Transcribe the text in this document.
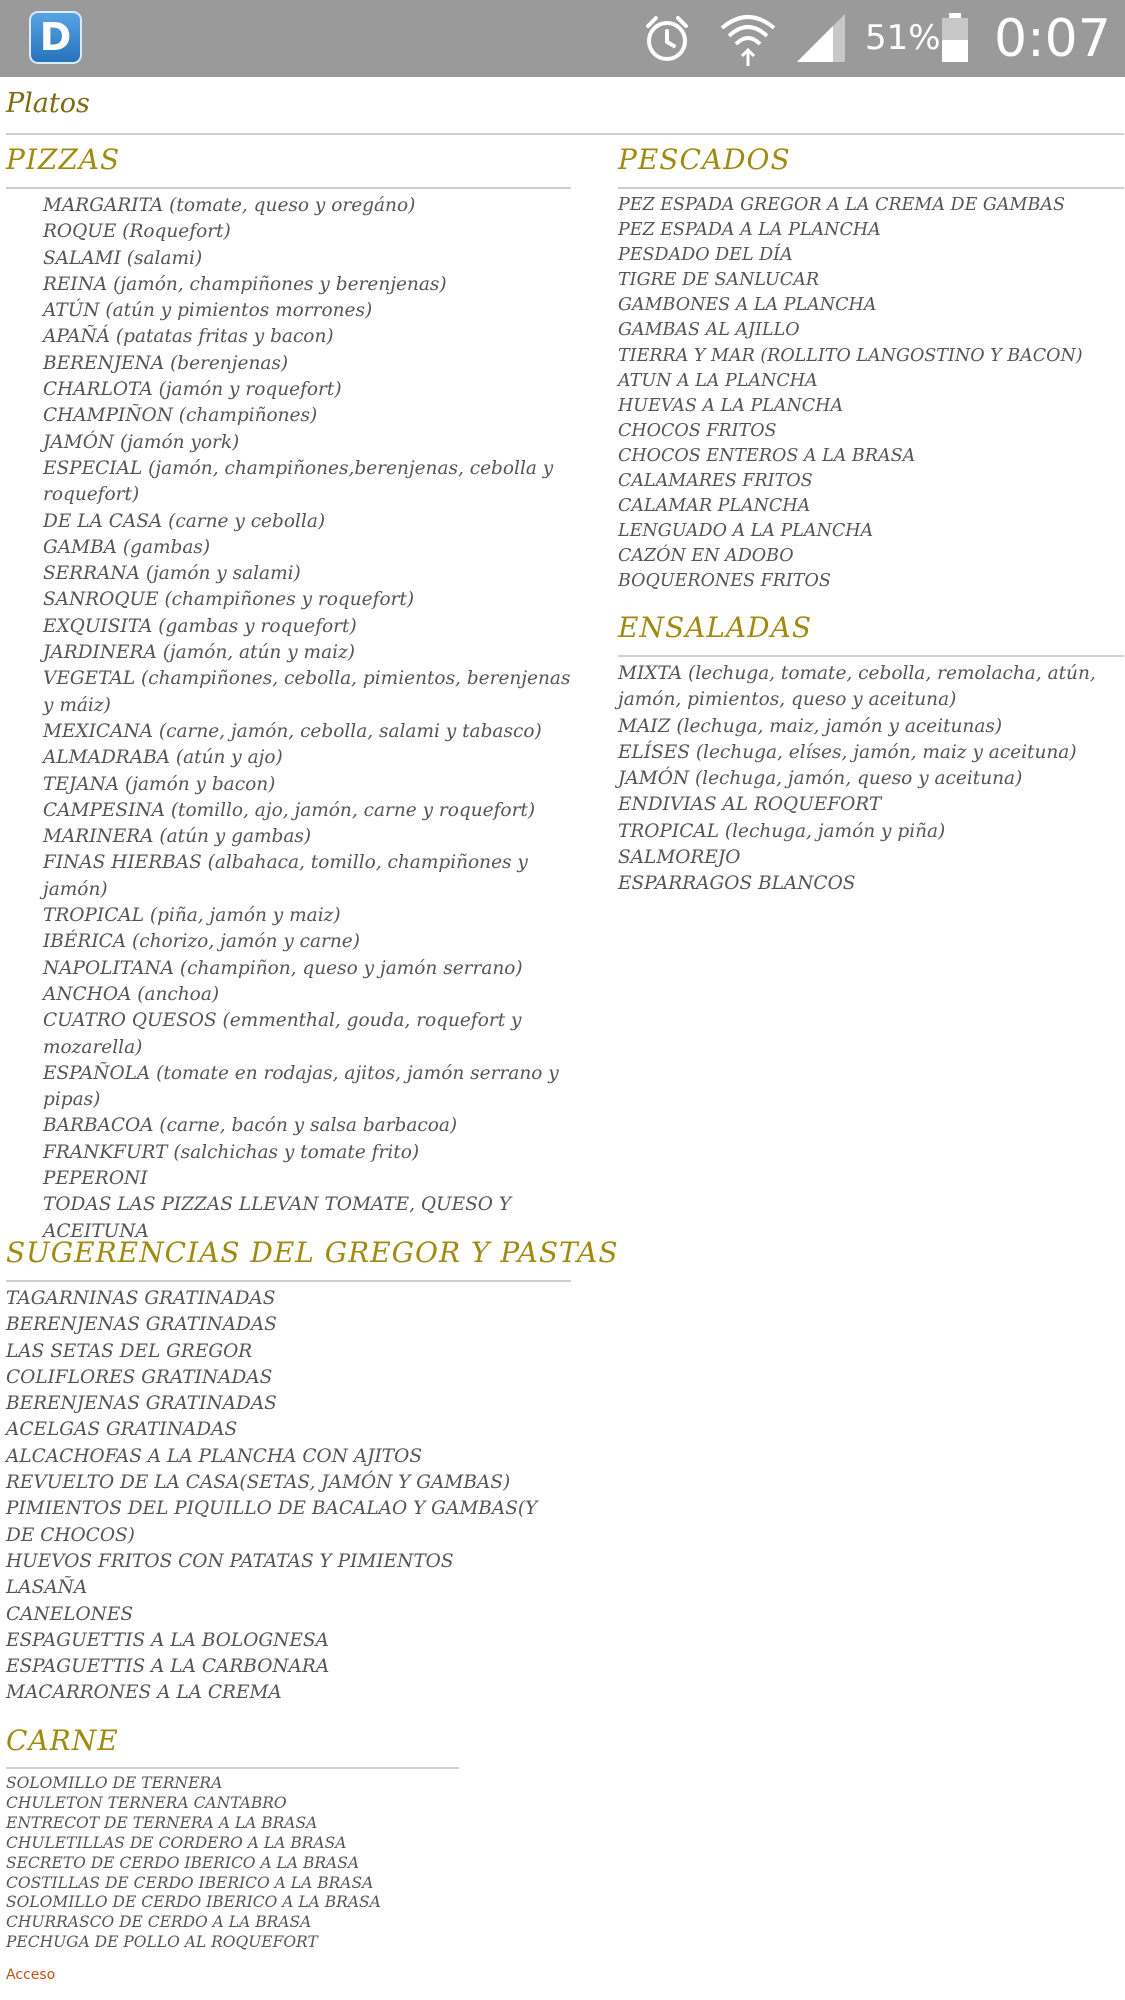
D	51% 0:07
Platos
PIZZAS
MARGARITA (tomate, queso y oregáno)
ROQUE (Roquefort)
SALAMI (salami)
REINA (jamón, champiñones y berenjenas)
ATÚN (atún y pimientos morrones)
APAÑÁ (patatas fritas y bacon)
BERENJENA (berenjenas)
CHARLOTA (jamón y roquefort)
CHAMPIÑON (champiñones)
JAMÓN (jamón york)
ESPECIAL (jamón, champiñones,berenjenas, cebolla y roquefort)
DE LA CASA (carne y cebolla)
GAMBA (gambas)
SERRANA (jamón y salami)
SANROQUE (champiñones y roquefort)
EXQUISITA (gambas y roquefort)
JARDINERA (jamón, atún y maiz)
VEGETAL (champiñones, cebolla, pimientos, berenjenas y máiz)
MEXICANA (carne, jamón, cebolla, salami y tabasco)
ALMADRABA (atún y ajo)
TEJANA (jamón y bacon)
CAMPESINA (tomillo, ajo, jamón, carne y roquefort)
MARINERA (atún y gambas)
FINAS HIERBAS (albahaca, tomillo, champiñones y jamón)
TROPICAL (piña, jamón y maiz)
IBÉRICA (chorizo, jamón y carne)
NAPOLITANA (champiñon, queso y jamón serrano)
ANCHOA (anchoa)
CUATRO QUESOS (emmenthal, gouda, roquefort y mozarella)
ESPAÑOLA (tomate en rodajas, ajitos, jamón serrano y pipas)
BARBACOA (carne, bacón y salsa barbacoa)
FRANKFURT (salchichas y tomate frito)
PEPERONI
TODAS LAS PIZZAS LLEVAN TOMATE, QUESO Y ACEITUNA
PESCADOS
PEZ ESPADA GREGOR A LA CREMA DE GAMBAS
PEZ ESPADA A LA PLANCHA
PESDADO DEL DÍA
TIGRE DE SANLUCAR
GAMBONES A LA PLANCHA
GAMBAS AL AJILLO
TIERRA Y MAR (ROLLITO LANGOSTINO Y BACON)
ATUN A LA PLANCHA
HUEVAS A LA PLANCHA
CHOCOS FRITOS
CHOCOS ENTEROS A LA BRASA
CALAMARES FRITOS
CALAMAR PLANCHA
LENGUADO A LA PLANCHA
CAZÓN EN ADOBO
BOQUERONES FRITOS
ENSALADAS
MIXTA (lechuga, tomate, cebolla, remolacha, atún, jamón, pimientos, queso y aceituna)
MAIZ (lechuga, maiz, jamón y aceitunas)
ELÍSES (lechuga, elíses, jamón, maiz y aceituna)
JAMÓN (lechuga, jamón, queso y aceituna)
ENDIVIAS AL ROQUEFORT
TROPICAL (lechuga, jamón y piña)
SALMOREJO
ESPARRAGOS BLANCOS
SUGERENCIAS DEL GREGOR Y PASTAS
TAGARNINAS GRATINADAS
BERENJENAS GRATINADAS
LAS SETAS DEL GREGOR
COLIFLORES GRATINADAS
BERENJENAS GRATINADAS
ACELGAS GRATINADAS
ALCACHOFAS A LA PLANCHA CON AJITOS
REVUELTO DE LA CASA(SETAS, JAMÓN Y GAMBAS)
PIMIENTOS DEL PIQUILLO DE BACALAO Y GAMBAS(Y DE CHOCOS)
HUEVOS FRITOS CON PATATAS Y PIMIENTOS
LASAÑA
CANELONES
ESPAGUETTIS A LA BOLOGNESA
ESPAGUETTIS A LA CARBONARA
MACARRONES A LA CREMA
CARNE
SOLOMILLO DE TERNERA
CHULETON TERNERA CANTABRO
ENTRECOT DE TERNERA A LA BRASA
CHULETILLAS DE CORDERO A LA BRASA
SECRETO DE CERDO IBERICO A LA BRASA
COSTILLAS DE CERDO IBERICO A LA BRASA
SOLOMILLO DE CERDO IBERICO A LA BRASA
CHURRASCO DE CERDO A LA BRASA
PECHUGA DE POLLO AL ROQUEFORT
Acceso
